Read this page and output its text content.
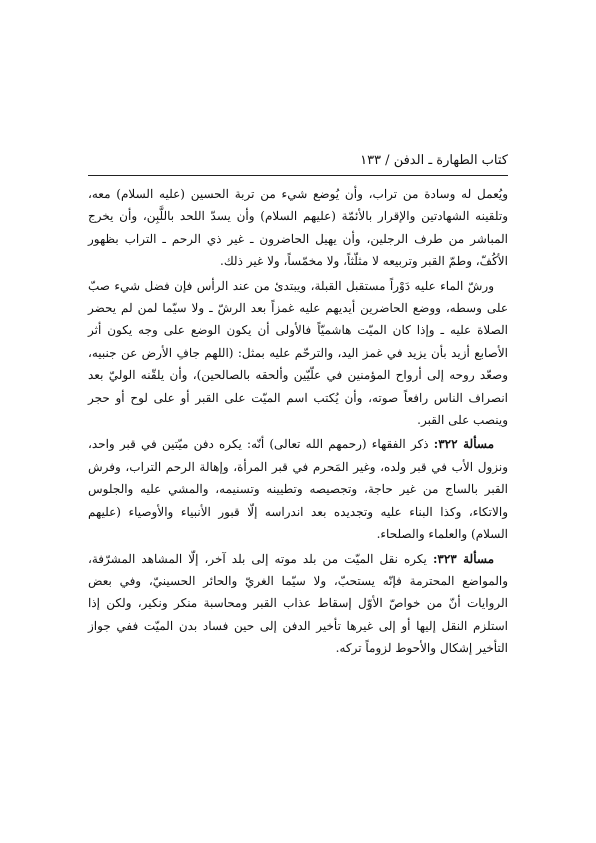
كتاب الطهارة ـ الدفن / ١٣٣

ويُعمل له وسادة من تراب، وأن يُوضع شيء من تربة الحسين (عليه السلام) معه، وتلقينه الشهادتين والإقرار بالأئمّة (عليهم السلام) وأن يسدّ اللحد باللَّبِن، وأن يخرج المباشر من طرف الرجلين، وأن يهيل الحاضرون ـ غير ذي الرحم ـ التراب بظهور الأكُفّ، وطمّ القبر وتربيعه لا مثلّثاً، ولا مخمّساً، ولا غير ذلك.

ورشّ الماء عليه دَوْراً مستقبل القبلة، ويبتدئ من عند الرأس فإن فضل شيء صبّ على وسطه، ووضع الحاضرين أيديهم عليه غمزاً بعد الرشّ ـ ولا سيّما لمن لم يحضر الصلاة عليه ـ وإذا كان الميّت هاشميّاً فالأولى أن يكون الوضع على وجه يكون أثر الأصابع أزيد بأن يزيد في غمز اليد، والترحّم عليه بمثل: (اللهم جافِ الأرض عن جنبيه، وصعّد روحه إلى أرواح المؤمنين في علّيّين وألحقه بالصالحين)، وأن يلقّنه الوليّ بعد انصراف الناس رافعاً صوته، وأن يُكتب اسم الميّت على القبر أو على لوح أو حجر وينصب على القبر.

مسألة ٣٢٢: ذكر الفقهاء (رحمهم الله تعالى) أنّه: يكره دفن ميّتين في قبر واحد، ونزول الأب في قبر ولده، وغير المَحرم في قبر المرأة، وإهالة الرحم التراب، وفرش القبر بالساج من غير حاجة، وتجصيصه وتطيينه وتسنيمه، والمشي عليه والجلوس والاتكاء، وكذا البناء عليه وتجديده بعد اندراسه إلّا قبور الأنبياء والأوصياء (عليهم السلام) والعلماء والصلحاء.

مسألة ٣٢٣: يكره نقل الميّت من بلد موته إلى بلد آخر، إلّا المشاهد المشرّفة، والمواضع المحترمة فإنّه يستحبّ، ولا سيّما الغريّ والحائر الحسينيّ، وفي بعض الروايات أنّ من خواصّ الأوّل إسقاط عذاب القبر ومحاسبة منكر ونكير، ولكن إذا استلزم النقل إليها أو إلى غيرها تأخير الدفن إلى حين فساد بدن الميّت ففي جواز التأخير إشكال والأحوط لزوماً تركه.
